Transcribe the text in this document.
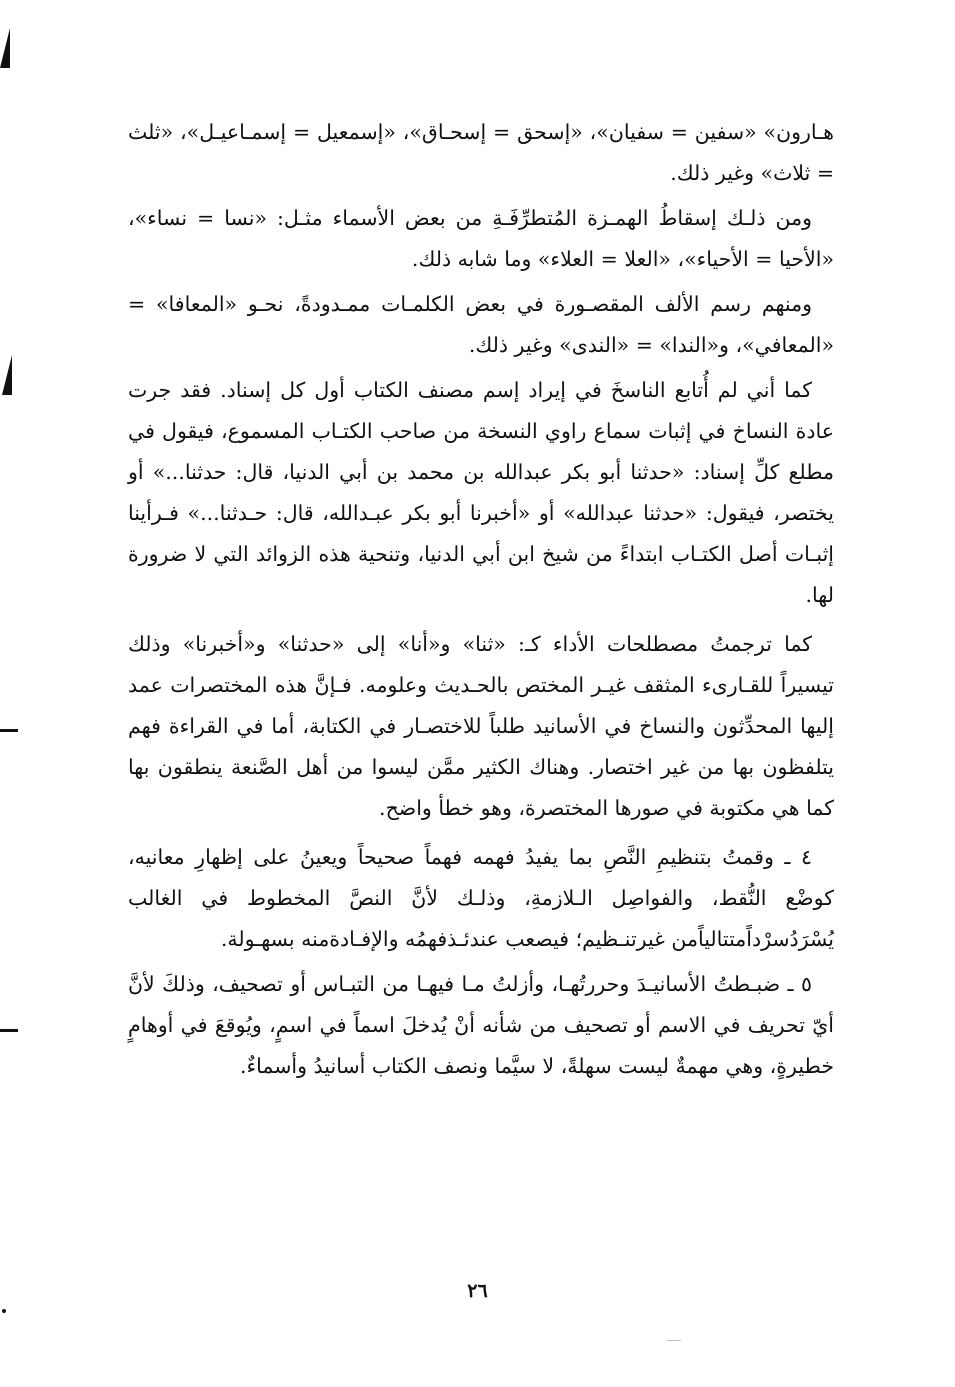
هـارون» «سفين = سفيان»، «إسحق = إسحـاق»، «إسمعيل = إسمـاعيـل»، «ثلث = ثلاث» وغير ذلك.

ومن ذلـك إسقاطُ الهمـزة المُتطرِّفَـةِ من بعض الأسماء مثـل: «نسا = نساء»، «الأحيا = الأحياء»، «العلا = العلاء» وما شابه ذلك.

ومنهم رسم الألف المقصـورة في بعض الكلمـات ممـدودةً، نحـو «المعافا» = «المعافي»، و«الندا» = «الندى» وغير ذلك.

كما أني لم أُتابع الناسخَ في إيراد إسم مصنف الكتاب أول كل إسناد. فقد جرت عادة النساخ في إثبات سماع راوي النسخة من صاحب الكتـاب المسموع، فيقول في مطلع كلِّ إسناد: «حدثنا أبو بكر عبدالله بن محمد بن أبي الدنيا، قال: حدثنا...» أو يختصر، فيقول: «حدثنا عبدالله» أو «أخبرنا أبو بكر عبـدالله، قال: حـدثنا...» فـرأينا إثبـات أصل الكتـاب ابتداءً من شيخ ابن أبي الدنيا، وتنحية هذه الزوائد التي لا ضرورة لها.

كما ترجمتُ مصطلحات الأداء كـ: «ثنا» و«أنا» إلى «حدثنا» و«أخبرنا» وذلك تيسيراً للقـارىء المثقف غيـر المختص بالحـديث وعلومه. فـإنَّ هذه المختصرات عمد إليها المحدِّثون والنساخ في الأسانيد طلباً للاختصـار في الكتابة، أما في القراءة فهم يتلفظون بها من غير اختصار. وهناك الكثير ممَّن ليسوا من أهل الصَّنعة ينطقون بها كما هي مكتوبة في صورها المختصرة، وهو خطأ واضح.

٤ ـ وقمتُ بتنظيمِ النَّصِ بما يفيدُ فهمه فهماً صحيحاً ويعينُ على إظهارِ معانيه، كوضْع النُّقط، والفواصِل الـلازمةِ، وذلـك لأنَّ النصَّ المخطوط في الغالب يُسْرَدُسرْداًمتتالياًمن غيرتنـظيم؛ فيصعب عندئـذفهمُه والإفـادةمنه بسهـولة.

٥ ـ ضبـطتُ الأسانيـدَ وحررتُهـا، وأزلتُ مـا فيهـا من التبـاس أو تصحيف، وذلكَ لأنَّ أيّ تحريف في الاسم أو تصحيف من شأنه أنْ يُدخلَ اسماً في اسمٍ، ويُوقعَ في أوهامٍ خطيرةٍ، وهي مهمةٌ ليست سهلةً، لا سيَّما ونصف الكتاب أسانيدُ وأسماءٌ.

٢٦
